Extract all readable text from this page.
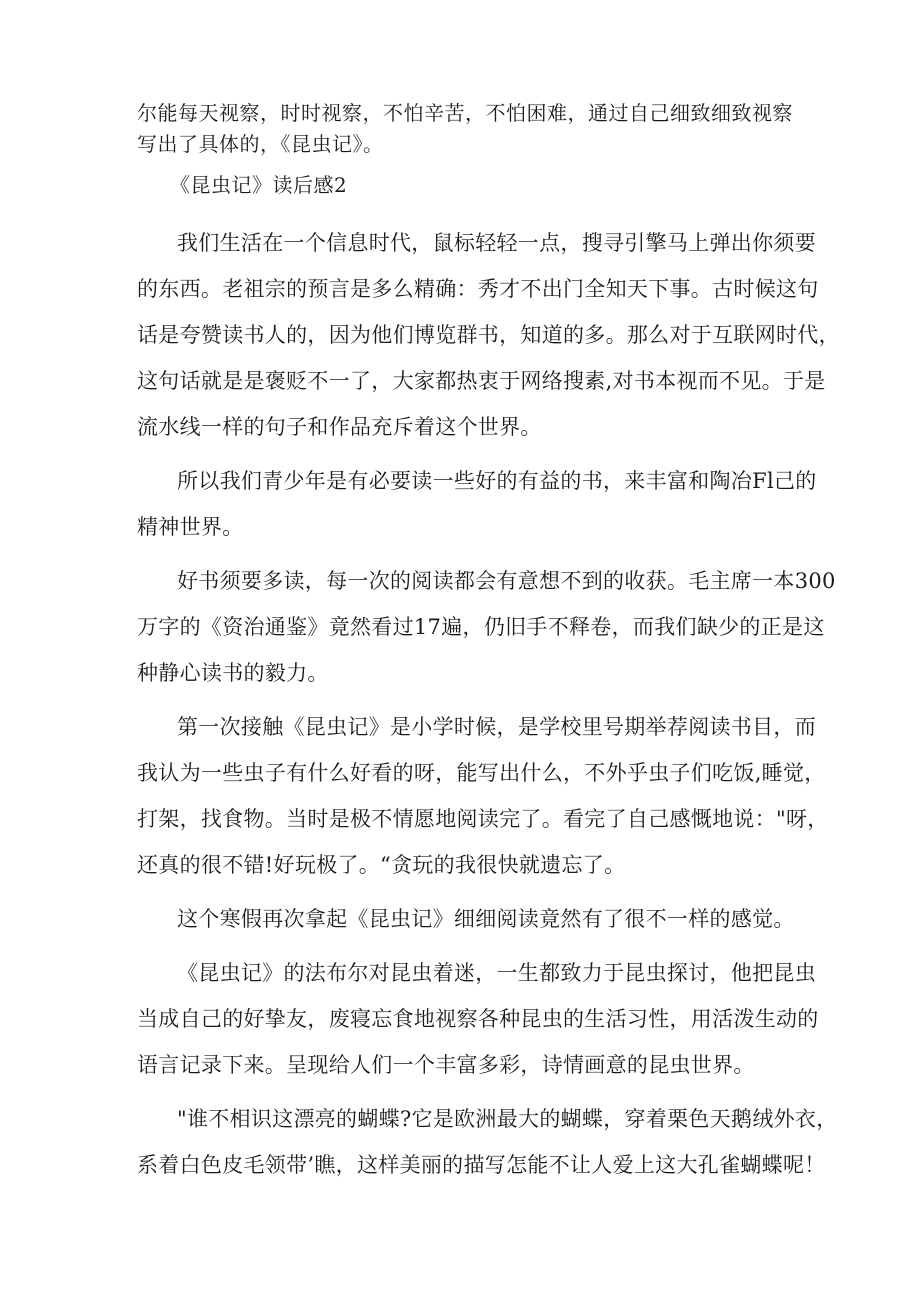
尔能每天视察，时时视察，不怕辛苦，不怕困难，通过自己细致细致视察

写出了具体的，《昆虫记》。

《昆虫记》读后感2

我们生活在一个信息时代，鼠标轻轻一点，搜寻引擎马上弹出你须要
的东西。老祖宗的预言是多么精确：秀才不出门全知天下事。古时候这句
话是夸赞读书人的，因为他们博览群书，知道的多。那么对于互联网时代，
这句话就是是褒贬不一了，大家都热衷于网络搜素,对书本视而不见。于是
流水线一样的句子和作品充斥着这个世界。
所以我们青少年是有必要读一些好的有益的书，来丰富和陶冶Fl己的
精神世界。
好书须要多读，每一次的阅读都会有意想不到的收获。毛主席一本300
万字的《资治通鉴》竟然看过17遍，仍旧手不释卷，而我们缺少的正是这
种静心读书的毅力。
第一次接触《昆虫记》是小学时候，是学校里号期举荐阅读书目，而
我认为一些虫子有什么好看的呀，能写出什么，不外乎虫子们吃饭,睡觉，
打架，找食物。当时是极不情愿地阅读完了。看完了自己感慨地说："呀，
还真的很不错!好玩极了。“贪玩的我很快就遗忘了。
这个寒假再次拿起《昆虫记》细细阅读竟然有了很不一样的感觉。
《昆虫记》的法布尔对昆虫着迷，一生都致力于昆虫探讨，他把昆虫
当成自己的好挚友，废寝忘食地视察各种昆虫的生活习性，用活泼生动的
语言记录下来。呈现给人们一个丰富多彩，诗情画意的昆虫世界。
"谁不相识这漂亮的蝴蝶?它是欧洲最大的蝴蝶，穿着栗色天鹅绒外衣，
系着白色皮毛领带’瞧，这样美丽的描写怎能不让人爱上这大孔雀蝴蝶呢！
